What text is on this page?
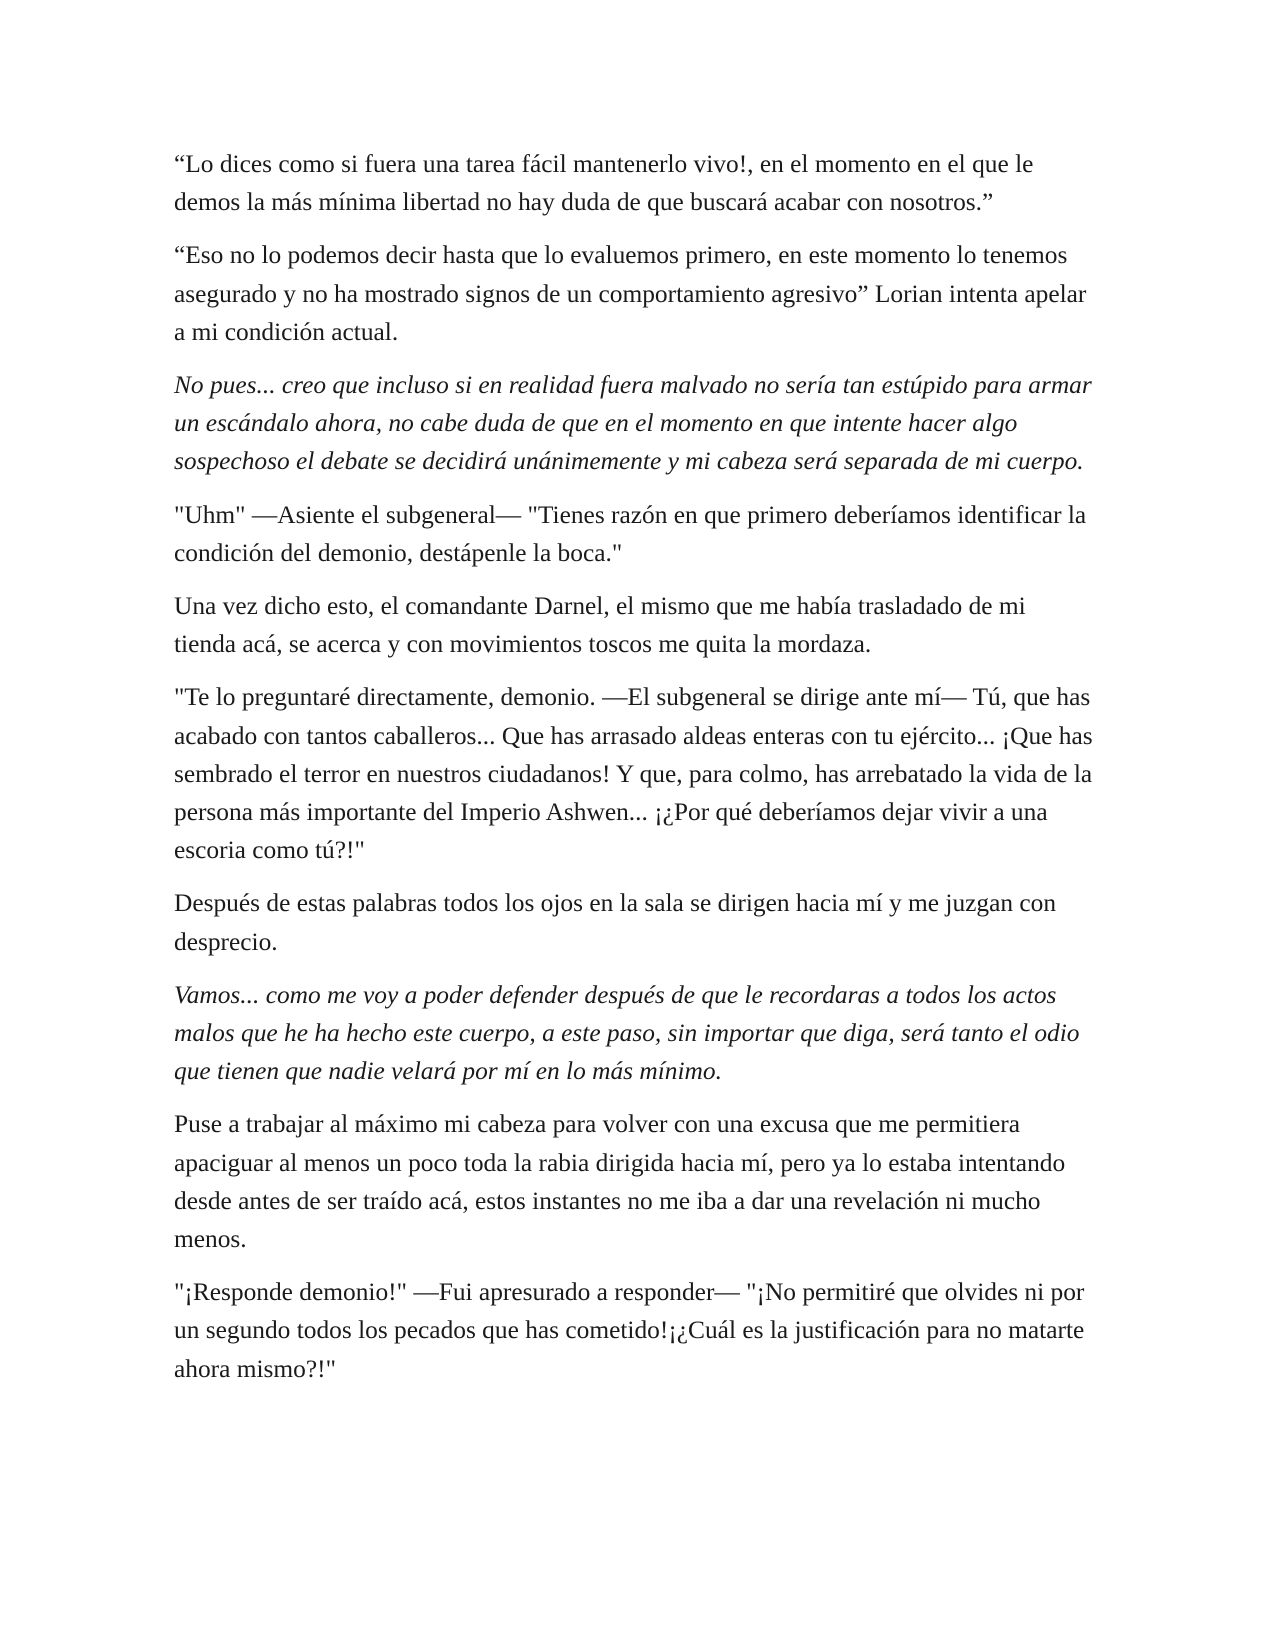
“Lo dices como si fuera una tarea fácil mantenerlo vivo!, en el momento en el que le demos la más mínima libertad no hay duda de que buscará acabar con nosotros.”

“Eso no lo podemos decir hasta que lo evaluemos primero, en este momento lo tenemos asegurado y no ha mostrado signos de un comportamiento agresivo” Lorian intenta apelar a mi condición actual.

No pues... creo que incluso si en realidad fuera malvado no sería tan estúpido para armar un escándalo ahora, no cabe duda de que en el momento en que intente hacer algo sospechoso el debate se decidirá unánimemente y mi cabeza será separada de mi cuerpo.

"Uhm" —Asiente el subgeneral— "Tienes razón en que primero deberíamos identificar la condición del demonio, destápenle la boca."

Una vez dicho esto, el comandante Darnel, el mismo que me había trasladado de mi tienda acá, se acerca y con movimientos toscos me quita la mordaza.

"Te lo preguntaré directamente, demonio. —El subgeneral se dirige ante mí— Tú, que has acabado con tantos caballeros... Que has arrasado aldeas enteras con tu ejército... ¡Que has sembrado el terror en nuestros ciudadanos! Y que, para colmo, has arrebatado la vida de la persona más importante del Imperio Ashwen... ¡¿Por qué deberíamos dejar vivir a una escoria como tú?!"

Después de estas palabras todos los ojos en la sala se dirigen hacia mí y me juzgan con desprecio.

Vamos... como me voy a poder defender después de que le recordaras a todos los actos malos que he ha hecho este cuerpo, a este paso, sin importar que diga, será tanto el odio que tienen que nadie velará por mí en lo más mínimo.

Puse a trabajar al máximo mi cabeza para volver con una excusa que me permitiera apaciguar al menos un poco toda la rabia dirigida hacia mí, pero ya lo estaba intentando desde antes de ser traído acá, estos instantes no me iba a dar una revelación ni mucho menos.

"¡Responde demonio!" —Fui apresurado a responder— "¡No permitiré que olvides ni por un segundo todos los pecados que has cometido!¡¿Cuál es la justificación para no matarte ahora mismo?!"
